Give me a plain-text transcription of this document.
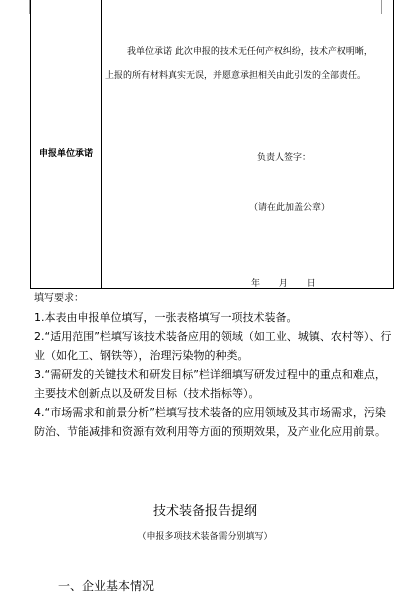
申报单位承诺
我单位承诺 此次申报的技术无任何产权纠纷，技术产权明晰，
上报的所有材料真实无误，并愿意承担相关由此引发的全部责任。
负责人签字：
（请在此加盖公章）
年 月 日
填写要求：

1.本表由申报单位填写，一张表格填写一项技术装备。

2.“适用范围”栏填写该技术装备应用的领域（如工业、城镇、农村等）、行业（如化工、钢铁等），治理污染物的种类。

3.“需研发的关键技术和研发目标”栏详细填写研发过程中的重点和难点，主要技术创新点以及研发目标（技术指标等）。

4.“市场需求和前景分析”栏填写技术装备的应用领域及其市场需求，污染防治、节能减排和资源有效利用等方面的预期效果，及产业化应用前景。

技术装备报告提纲
（申报多项技术装备需分别填写）
一、企业基本情况
